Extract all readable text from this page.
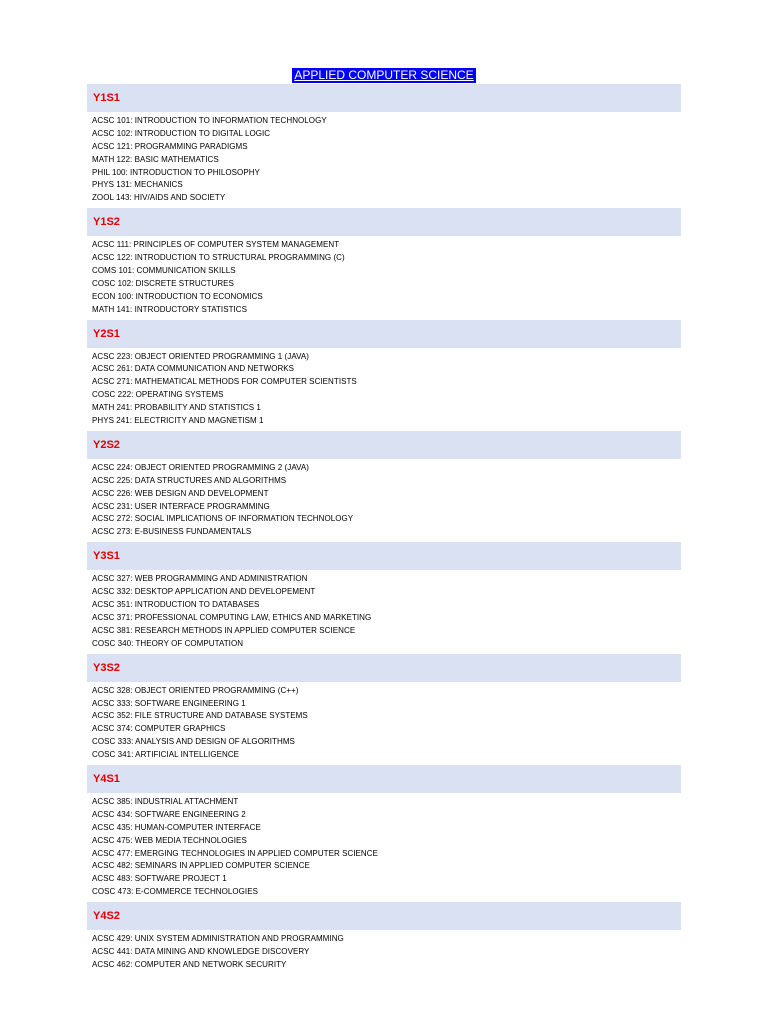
APPLIED COMPUTER SCIENCE
Y1S1
ACSC 101: INTRODUCTION TO INFORMATION TECHNOLOGY
ACSC 102: INTRODUCTION TO DIGITAL LOGIC
ACSC 121: PROGRAMMING PARADIGMS
MATH 122: BASIC MATHEMATICS
PHIL 100: INTRODUCTION TO PHILOSOPHY
PHYS 131: MECHANICS
ZOOL 143: HIV/AIDS AND SOCIETY
Y1S2
ACSC 111: PRINCIPLES OF COMPUTER SYSTEM MANAGEMENT
ACSC 122: INTRODUCTION TO STRUCTURAL PROGRAMMING (C)
COMS 101: COMMUNICATION SKILLS
COSC 102: DISCRETE STRUCTURES
ECON 100: INTRODUCTION TO ECONOMICS
MATH 141: INTRODUCTORY STATISTICS
Y2S1
ACSC 223: OBJECT ORIENTED PROGRAMMING 1 (JAVA)
ACSC 261: DATA COMMUNICATION AND NETWORKS
ACSC 271: MATHEMATICAL METHODS FOR COMPUTER SCIENTISTS
COSC 222: OPERATING SYSTEMS
MATH 241: PROBABILITY AND STATISTICS 1
PHYS 241: ELECTRICITY AND MAGNETISM 1
Y2S2
ACSC 224: OBJECT ORIENTED PROGRAMMING 2 (JAVA)
ACSC 225: DATA STRUCTURES AND ALGORITHMS
ACSC 226: WEB DESIGN AND DEVELOPMENT
ACSC 231: USER INTERFACE PROGRAMMING
ACSC 272: SOCIAL IMPLICATIONS OF INFORMATION TECHNOLOGY
ACSC 273: E-BUSINESS FUNDAMENTALS
Y3S1
ACSC 327: WEB PROGRAMMING AND ADMINISTRATION
ACSC 332: DESKTOP APPLICATION AND DEVELOPEMENT
ACSC 351: INTRODUCTION TO DATABASES
ACSC 371: PROFESSIONAL COMPUTING LAW, ETHICS AND MARKETING
ACSC 381: RESEARCH METHODS IN APPLIED COMPUTER SCIENCE
COSC 340: THEORY OF COMPUTATION
Y3S2
ACSC 328: OBJECT ORIENTED PROGRAMMING (C++)
ACSC 333: SOFTWARE ENGINEERING 1
ACSC 352: FILE STRUCTURE AND DATABASE SYSTEMS
ACSC 374: COMPUTER GRAPHICS
COSC 333: ANALYSIS AND DESIGN OF ALGORITHMS
COSC 341: ARTIFICIAL INTELLIGENCE
Y4S1
ACSC 385: INDUSTRIAL ATTACHMENT
ACSC 434: SOFTWARE ENGINEERING 2
ACSC 435: HUMAN-COMPUTER INTERFACE
ACSC 475: WEB MEDIA TECHNOLOGIES
ACSC 477: EMERGING TECHNOLOGIES IN APPLIED COMPUTER SCIENCE
ACSC 482: SEMINARS IN APPLIED COMPUTER SCIENCE
ACSC 483: SOFTWARE PROJECT 1
COSC 473: E-COMMERCE TECHNOLOGIES
Y4S2
ACSC 429: UNIX SYSTEM ADMINISTRATION AND PROGRAMMING
ACSC 441: DATA MINING AND KNOWLEDGE DISCOVERY
ACSC 462: COMPUTER AND NETWORK SECURITY
